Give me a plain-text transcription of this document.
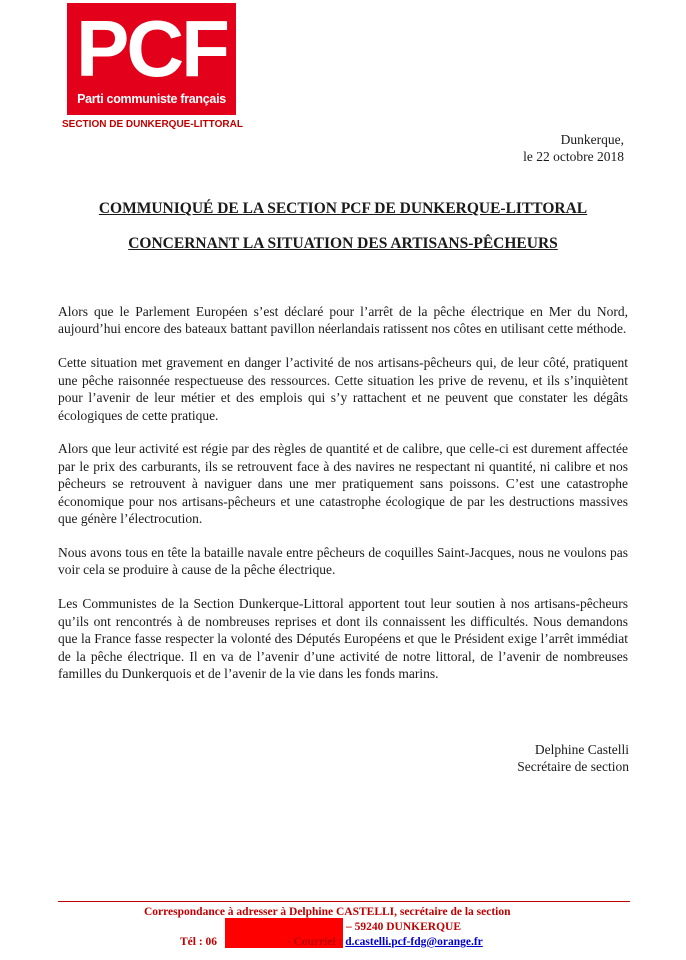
PCF
Parti communiste français
SECTION DE DUNKERQUE-LITTORAL
Dunkerque,
le 22 octobre 2018
COMMUNIQUÉ DE LA SECTION PCF DE DUNKERQUE-LITTORAL
CONCERNANT LA SITUATION DES ARTISANS-PÊCHEURS

Alors que le Parlement Européen s’est déclaré pour l’arrêt de la pêche électrique en Mer du Nord, aujourd’hui encore des bateaux battant pavillon néerlandais ratissent nos côtes en utilisant cette méthode.

Cette situation met gravement en danger l’activité de nos artisans-pêcheurs qui, de leur côté, pratiquent une pêche raisonnée respectueuse des ressources. Cette situation les prive de revenu, et ils s’inquiètent pour l’avenir de leur métier et des emplois qui s’y rattachent et ne peuvent que constater les dégâts écologiques de cette pratique.

Alors que leur activité est régie par des règles de quantité et de calibre, que celle-ci est durement affectée par le prix des carburants, ils se retrouvent face à des navires ne respectant ni quantité, ni calibre et nos pêcheurs se retrouvent à naviguer dans une mer pratiquement sans poissons. C’est une catastrophe économique pour nos artisans-pêcheurs et une catastrophe écologique de par les destructions massives que génère l’électrocution.

Nous avons tous en tête la bataille navale entre pêcheurs de coquilles Saint-Jacques, nous ne voulons pas voir cela se produire à cause de la pêche électrique.

Les Communistes de la Section Dunkerque-Littoral apportent tout leur soutien à nos artisans-pêcheurs qu’ils ont rencontrés à de nombreuses reprises et dont ils connaissent les difficultés. Nous demandons que la France fasse respecter la volonté des Députés Européens et que le Président exige l’arrêt immédiat de la pêche électrique. Il en va de l’avenir d’une activité de notre littoral, de l’avenir de nombreuses familles du Dunkerquois et de l’avenir de la vie dans les fonds marins.

Delphine Castelli
Secrétaire de section
Correspondance à adresser à Delphine CASTELLI, secrétaire de la section
– 59240 DUNKERQUE
Tél : 06	- Courriel : d.castelli.pcf-fdg@orange.fr
